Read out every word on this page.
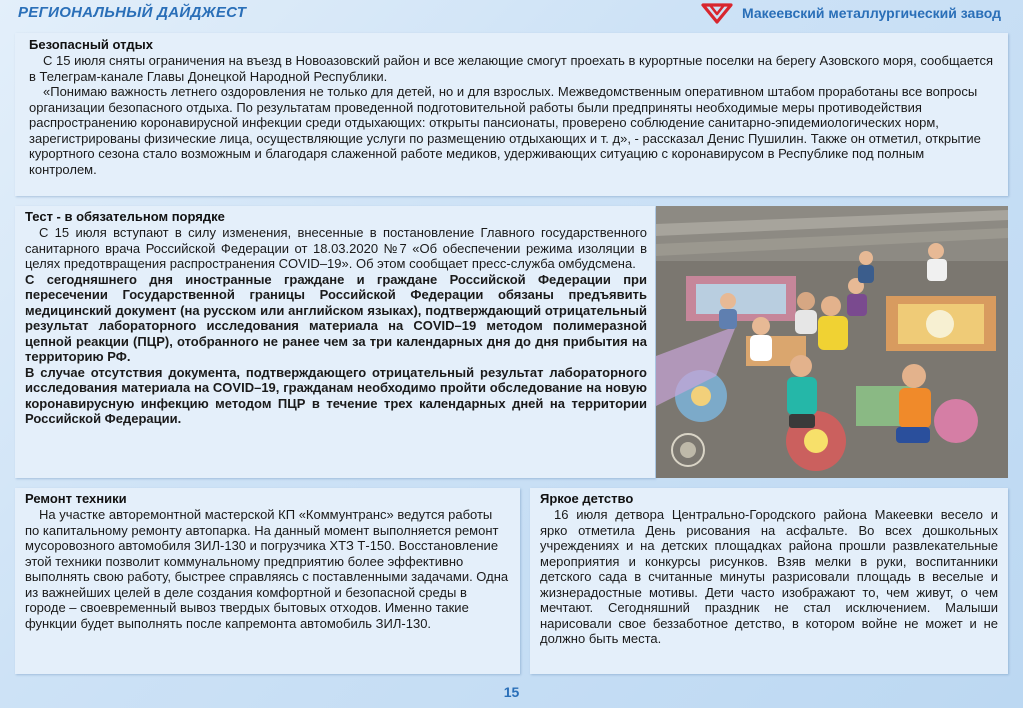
РЕГИОНАЛЬНЫЙ ДАЙДЖЕСТ	Макеевский металлургический завод
Безопасный отдых

С 15 июля сняты ограничения на въезд в Новоазовский район и все желающие смогут проехать в курортные поселки на берегу Азовского моря, сообщается в Телеграм-канале Главы Донецкой Народной Республики.

«Понимаю важность летнего оздоровления не только для детей, но и для взрослых. Межведомственным оперативном штабом проработаны все вопросы организации безопасного отдыха. По результатам проведенной подготовительной работы были предприняты необходимые меры противодействия распространению коронавирусной инфекции среди отдыхающих: открыты пансионаты, проверено соблюдение санитарно-эпидемиологических норм, зарегистрированы физические лица, осуществляющие услуги по размещению отдыхающих и т. д», - рассказал Денис Пушилин. Также он отметил, открытие курортного сезона стало возможным и благодаря слаженной работе медиков, удерживающих ситуацию с коронавирусом в Республике под полным контролем.

Тест - в обязательном порядке

С 15 июля вступают в силу изменения, внесенные в постановление Главного государственного санитарного врача Российской Федерации от 18.03.2020 №7 «Об обеспечении режима изоляции в целях предотвращения распространения COVID–19». Об этом сообщает пресс-служба омбудсмена.

С сегодняшнего дня иностранные граждане и граждане Российской Федерации при пересечении Государственной границы Российской Федерации обязаны предъявить медицинский документ (на русском или английском языках), подтверждающий отрицательный результат лабораторного исследования материала на COVID–19 методом полимеразной цепной реакции (ПЦР), отобранного не ранее чем за три календарных дня до дня прибытия на территорию РФ.

В случае отсутствия документа, подтверждающего отрицательный результат лабораторного исследования материала на COVID–19, гражданам необходимо пройти обследование на новую коронавирусную инфекцию методом ПЦР в течение трех календарных дней на территории Российской Федерации.

Ремонт техники

На участке авторемонтной мастерской КП «Коммунтранс» ведутся работы по капитальному ремонту автопарка. На данный момент выполняется ремонт мусоровозного автомобиля ЗИЛ-130 и погрузчика ХТЗ Т-150. Восстановление этой техники позволит коммунальному предприятию более эффективно выполнять свою работу, быстрее справляясь с поставленными задачами. Одна из важнейших целей в деле создания комфортной и безопасной среды в городе – своевременный вывоз твердых бытовых отходов. Именно такие функции будет выполнять после капремонта автомобиль ЗИЛ-130.

Яркое детство

16 июля детвора Центрально-Городского района Макеевки весело и ярко отметила День рисования на асфальте. Во всех дошкольных учреждениях и на детских площадках района прошли развлекательные мероприятия и конкурсы рисунков. Взяв мелки в руки, воспитанники детского сада в считанные минуты разрисовали площадь в веселые и жизнерадостные мотивы. Дети часто изображают то, чем живут, о чем мечтают. Сегодняшний праздник не стал исключением. Малыши нарисовали свое беззаботное детство, в котором войне не может и не должно быть места.

15
